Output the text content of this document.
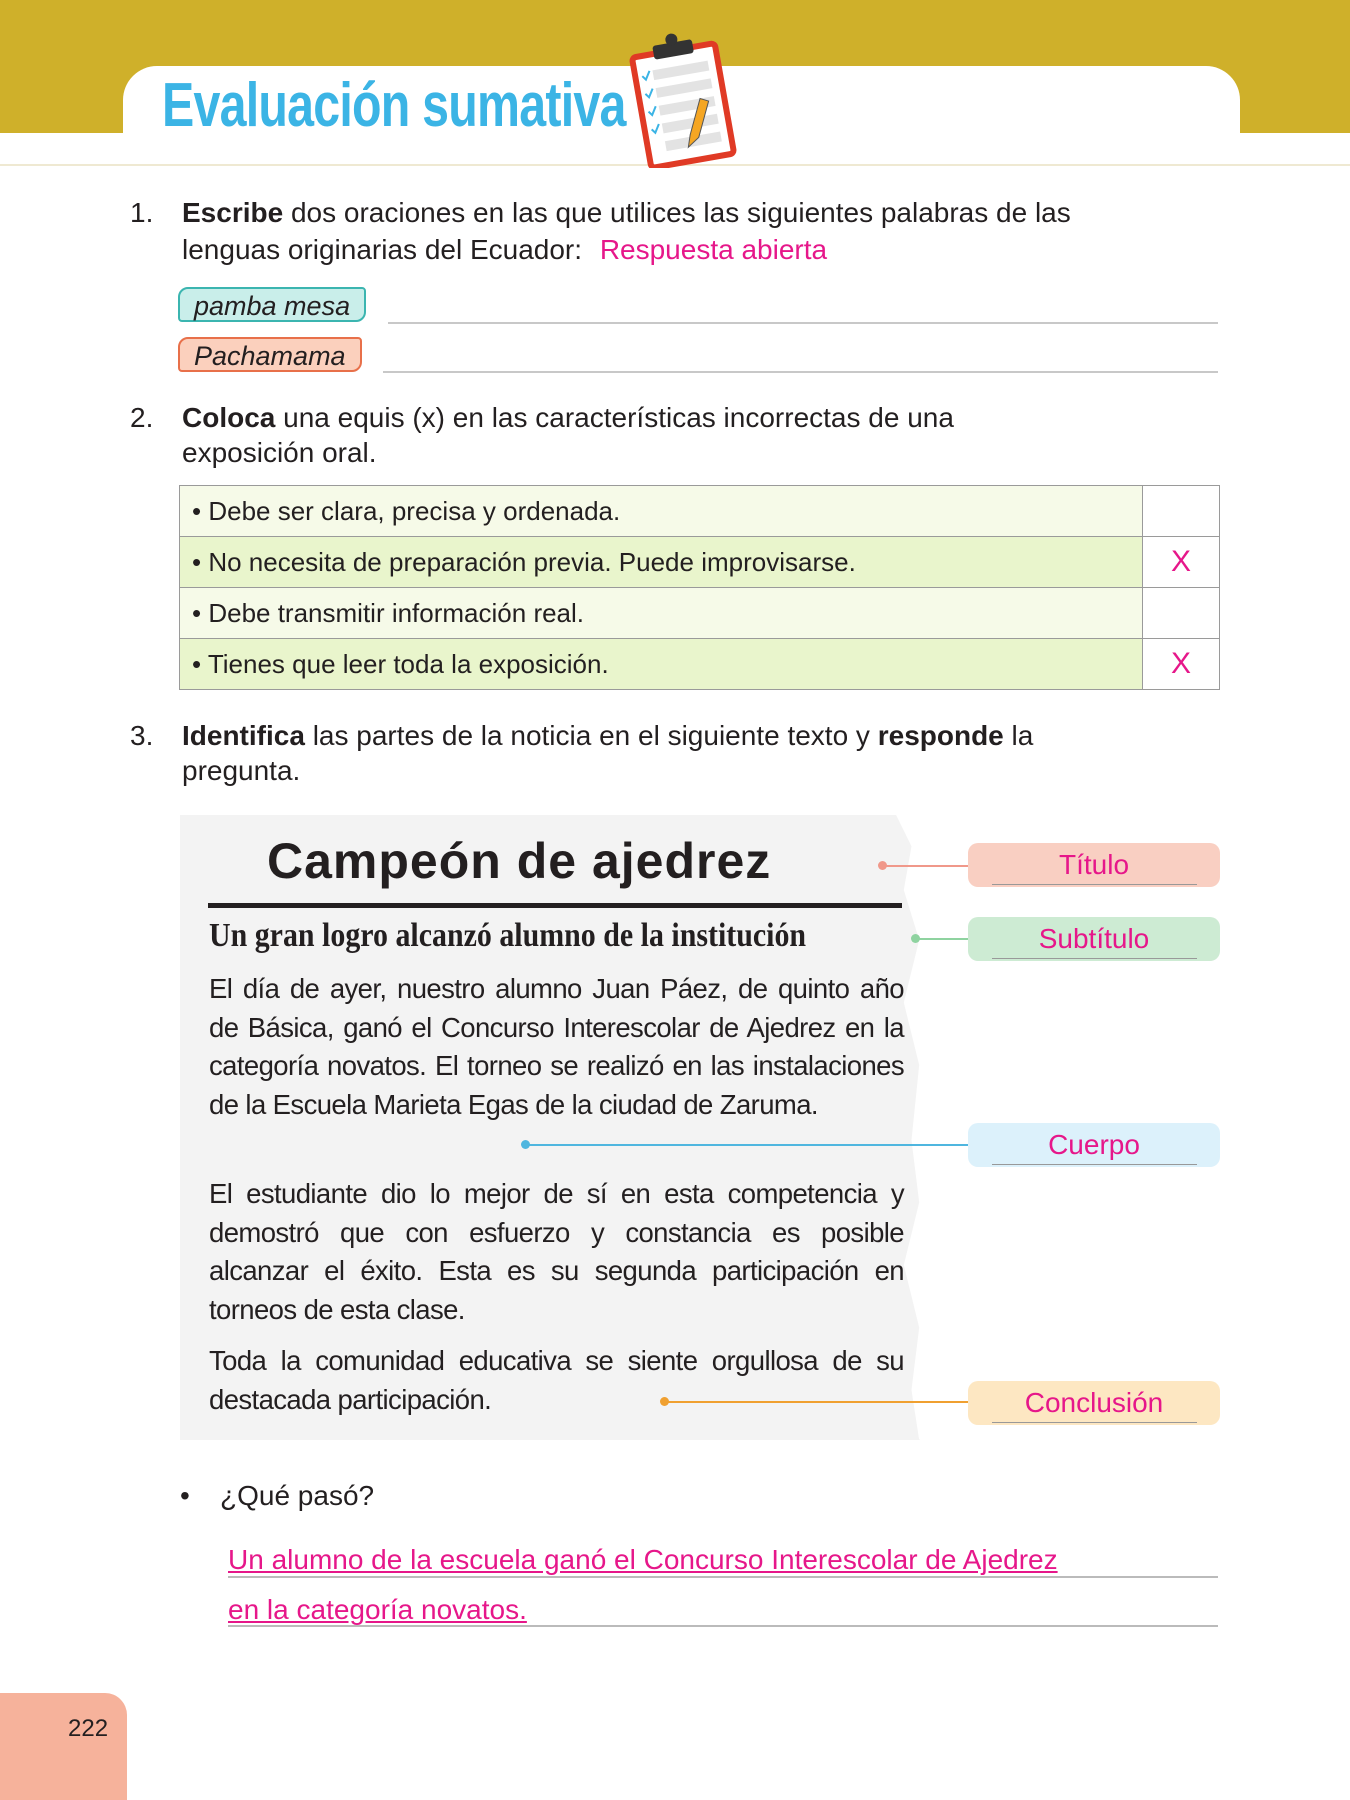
Evaluación sumativa
1. Escribe dos oraciones en las que utilices las siguientes palabras de las
lenguas originarias del Ecuador: Respuesta abierta
pamba mesa
Pachamama
2. Coloca una equis (x) en las características incorrectas de una
exposición oral.
• Debe ser clara, precisa y ordenada.	
• No necesita de preparación previa. Puede improvisarse.	X
• Debe transmitir información real.	
• Tienes que leer toda la exposición.	X
3. Identifica las partes de la noticia en el siguiente texto y responde la
pregunta.
Campeón de ajedrez
Un gran logro alcanzó alumno de la institución
El día de ayer, nuestro alumno Juan Páez, de quinto año de Básica, ganó el Concurso Interescolar de Ajedrez en la categoría novatos. El torneo se realizó en las instalaciones de la Escuela Marieta Egas de la ciudad de Zaruma.
El estudiante dio lo mejor de sí en esta competencia y demostró que con esfuerzo y constancia es posible alcanzar el éxito. Esta es su segunda participación en torneos de esta clase.
Toda la comunidad educativa se siente orgullosa de su destacada participación.
Título
Subtítulo
Cuerpo
Conclusión
• ¿Qué pasó?
Un alumno de la escuela ganó el Concurso Interescolar de Ajedrez
en la categoría novatos.
222
